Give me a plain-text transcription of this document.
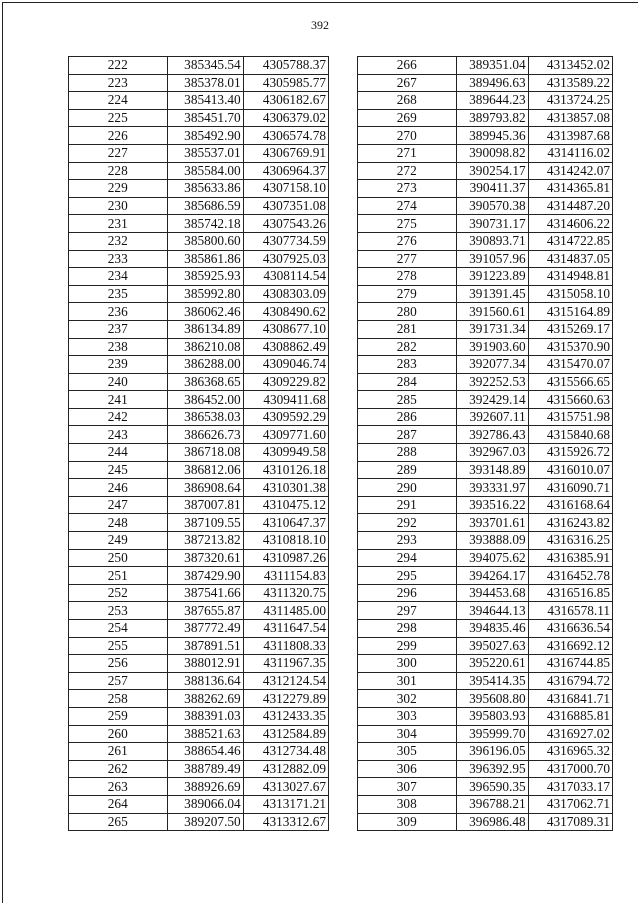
392
222	385345.54	4305788.37
223	385378.01	4305985.77
224	385413.40	4306182.67
225	385451.70	4306379.02
226	385492.90	4306574.78
227	385537.01	4306769.91
228	385584.00	4306964.37
229	385633.86	4307158.10
230	385686.59	4307351.08
231	385742.18	4307543.26
232	385800.60	4307734.59
233	385861.86	4307925.03
234	385925.93	4308114.54
235	385992.80	4308303.09
236	386062.46	4308490.62
237	386134.89	4308677.10
238	386210.08	4308862.49
239	386288.00	4309046.74
240	386368.65	4309229.82
241	386452.00	4309411.68
242	386538.03	4309592.29
243	386626.73	4309771.60
244	386718.08	4309949.58
245	386812.06	4310126.18
246	386908.64	4310301.38
247	387007.81	4310475.12
248	387109.55	4310647.37
249	387213.82	4310818.10
250	387320.61	4310987.26
251	387429.90	4311154.83
252	387541.66	4311320.75
253	387655.87	4311485.00
254	387772.49	4311647.54
255	387891.51	4311808.33
256	388012.91	4311967.35
257	388136.64	4312124.54
258	388262.69	4312279.89
259	388391.03	4312433.35
260	388521.63	4312584.89
261	388654.46	4312734.48
262	388789.49	4312882.09
263	388926.69	4313027.67
264	389066.04	4313171.21
265	389207.50	4313312.67
266	389351.04	4313452.02
267	389496.63	4313589.22
268	389644.23	4313724.25
269	389793.82	4313857.08
270	389945.36	4313987.68
271	390098.82	4314116.02
272	390254.17	4314242.07
273	390411.37	4314365.81
274	390570.38	4314487.20
275	390731.17	4314606.22
276	390893.71	4314722.85
277	391057.96	4314837.05
278	391223.89	4314948.81
279	391391.45	4315058.10
280	391560.61	4315164.89
281	391731.34	4315269.17
282	391903.60	4315370.90
283	392077.34	4315470.07
284	392252.53	4315566.65
285	392429.14	4315660.63
286	392607.11	4315751.98
287	392786.43	4315840.68
288	392967.03	4315926.72
289	393148.89	4316010.07
290	393331.97	4316090.71
291	393516.22	4316168.64
292	393701.61	4316243.82
293	393888.09	4316316.25
294	394075.62	4316385.91
295	394264.17	4316452.78
296	394453.68	4316516.85
297	394644.13	4316578.11
298	394835.46	4316636.54
299	395027.63	4316692.12
300	395220.61	4316744.85
301	395414.35	4316794.72
302	395608.80	4316841.71
303	395803.93	4316885.81
304	395999.70	4316927.02
305	396196.05	4316965.32
306	396392.95	4317000.70
307	396590.35	4317033.17
308	396788.21	4317062.71
309	396986.48	4317089.31
